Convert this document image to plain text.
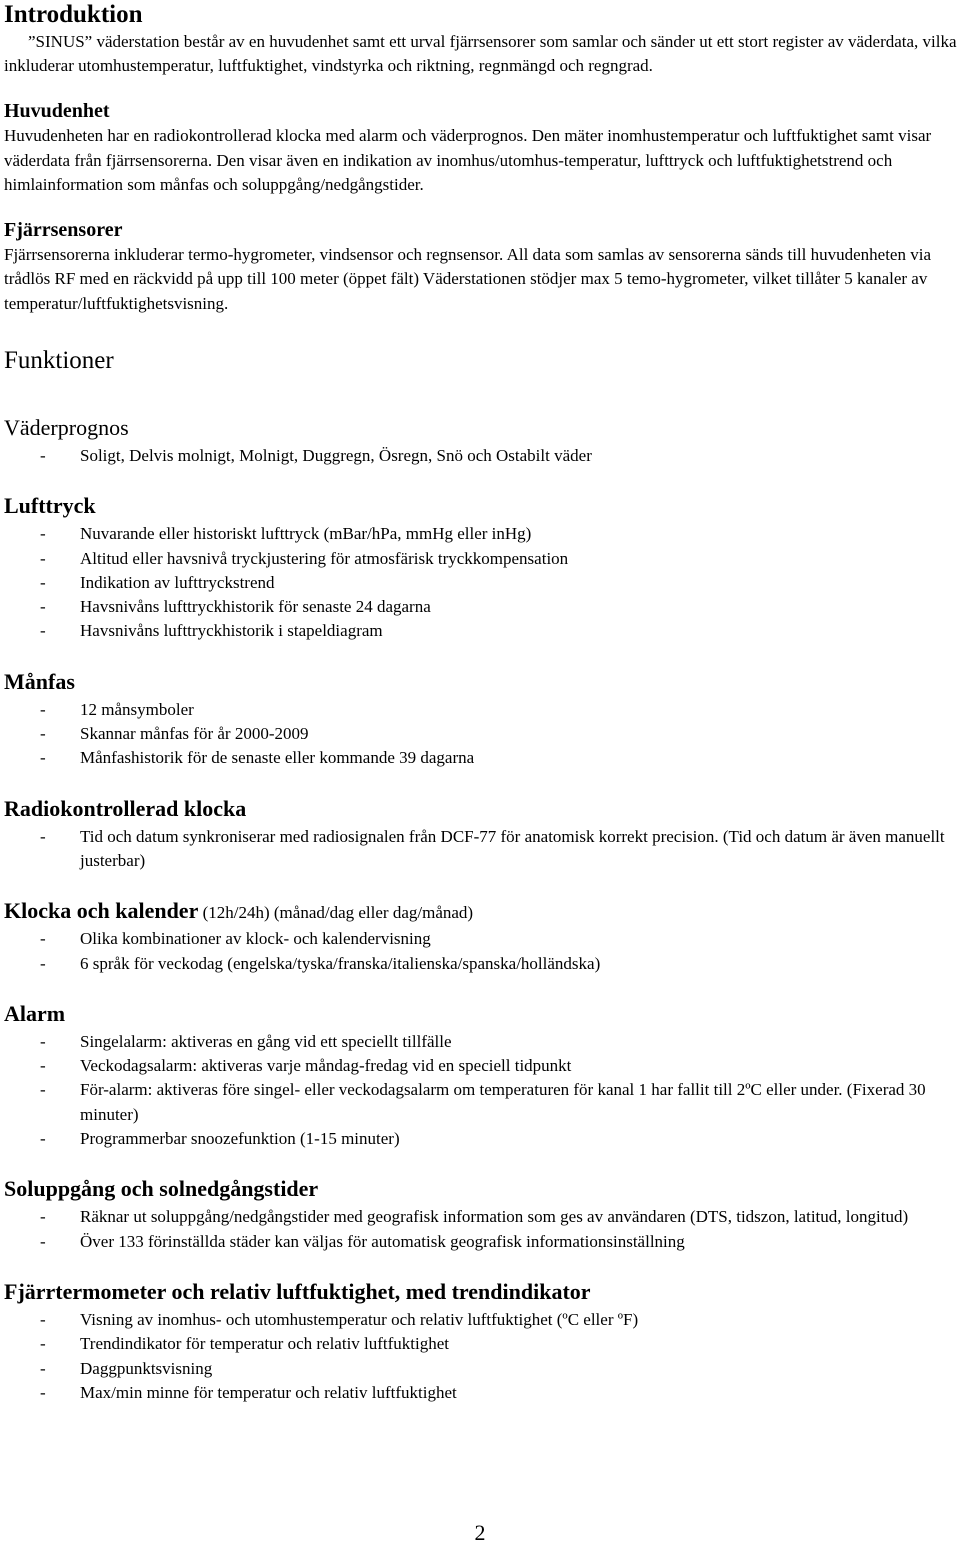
Introduktion

”SINUS” väderstation består av en huvudenhet samt ett urval fjärrsensorer som samlar och sänder ut ett stort register av väderdata, vilka inkluderar utomhustemperatur, luftfuktighet, vindstyrka och riktning, regnmängd och regngrad.

Huvudenhet

Huvudenheten har en radiokontrollerad klocka med alarm och väderprognos. Den mäter inomhustemperatur och luftfuktighet samt visar väderdata från fjärrsensorerna. Den visar även en indikation av inomhus/utomhus-temperatur, lufttryck och luftfuktighetstrend och himlainformation som månfas och soluppgång/nedgångstider.

Fjärrsensorer

Fjärrsensorerna inkluderar termo-hygrometer, vindsensor och regnsensor. All data som samlas av sensorerna sänds till huvudenheten via trådlös RF med en räckvidd på upp till 100 meter (öppet fält) Väderstationen stödjer max 5 temo-hygrometer, vilket tillåter 5 kanaler av temperatur/luftfuktighetsvisning.

Funktioner
Väderprognos
- Soligt, Delvis molnigt, Molnigt, Duggregn, Ösregn, Snö och Ostabilt väder
Lufttryck
- Nuvarande eller historiskt lufttryck (mBar/hPa, mmHg eller inHg)
- Altitud eller havsnivå tryckjustering för atmosfärisk tryckkompensation
- Indikation av lufttryckstrend
- Havsnivåns lufttryckhistorik för senaste 24 dagarna
- Havsnivåns lufttryckhistorik i stapeldiagram
Månfas
- 12 månsymboler
- Skannar månfas för år 2000-2009
- Månfashistorik för de senaste eller kommande 39 dagarna
Radiokontrollerad klocka
- Tid och datum synkroniserar med radiosignalen från DCF-77 för anatomisk korrekt precision. (Tid och datum är även manuellt justerbar)
Klocka och kalender (12h/24h) (månad/dag eller dag/månad)
- Olika kombinationer av klock- och kalendervisning
- 6 språk för veckodag (engelska/tyska/franska/italienska/spanska/holländska)
Alarm
- Singelalarm: aktiveras en gång vid ett speciellt tillfälle
- Veckodagsalarm: aktiveras varje måndag-fredag vid en speciell tidpunkt
- För-alarm: aktiveras före singel- eller veckodagsalarm om temperaturen för kanal 1 har fallit till 2ºC eller under. (Fixerad 30 minuter)
- Programmerbar snoozefunktion (1-15 minuter)
Soluppgång och solnedgångstider
- Räknar ut soluppgång/nedgångstider med geografisk information som ges av användaren (DTS, tidszon, latitud, longitud)
- Över 133 förinställda städer kan väljas för automatisk geografisk informationsinställning
Fjärrtermometer och relativ luftfuktighet, med trendindikator
- Visning av inomhus- och utomhustemperatur och relativ luftfuktighet (ºC eller ºF)
- Trendindikator för temperatur och relativ luftfuktighet
- Daggpunktsvisning
- Max/min minne för temperatur och relativ luftfuktighet
2
